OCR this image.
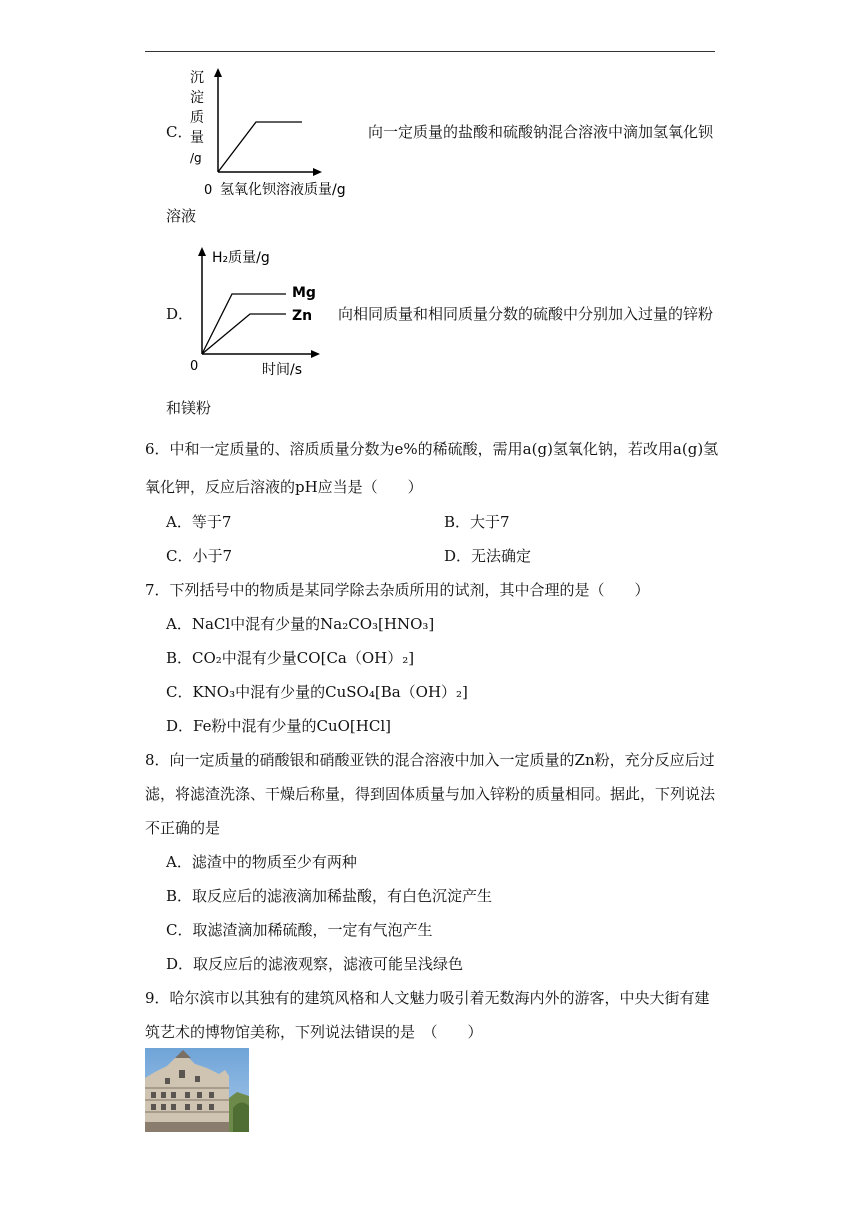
C．
沉
淀
质
量
/g
0 氢氧化钡溶液质量/g
向一定质量的盐酸和硫酸钠混合溶液中滴加氢氧化钡
溶液
D．
H₂质量/g
Mg
Zn
0	时间/s
向相同质量和相同质量分数的硫酸中分别加入过量的锌粉
和镁粉
6．中和一定质量的、溶质质量分数为e%的稀硫酸，需用a(g)氢氧化钠，若改用a(g)氢
氧化钾，反应后溶液的pH应当是（　　）
A．等于7	B．大于7
C．小于7	D．无法确定
7．下列括号中的物质是某同学除去杂质所用的试剂，其中合理的是（　　）
A．NaCl中混有少量的Na₂CO₃[HNO₃]
B．CO₂中混有少量CO[Ca（OH）₂]
C．KNO₃中混有少量的CuSO₄[Ba（OH）₂]
D．Fe粉中混有少量的CuO[HCl]
8．向一定质量的硝酸银和硝酸亚铁的混合溶液中加入一定质量的Zn粉，充分反应后过
滤，将滤渣洗涤、干燥后称量，得到固体质量与加入锌粉的质量相同。据此，下列说法
不正确的是
A．滤渣中的物质至少有两种
B．取反应后的滤液滴加稀盐酸，有白色沉淀产生
C．取滤渣滴加稀硫酸，一定有气泡产生
D．取反应后的滤液观察，滤液可能呈浅绿色
9．哈尔滨市以其独有的建筑风格和人文魅力吸引着无数海内外的游客，中央大街有建
筑艺术的博物馆美称，下列说法错误的是　（　　）
